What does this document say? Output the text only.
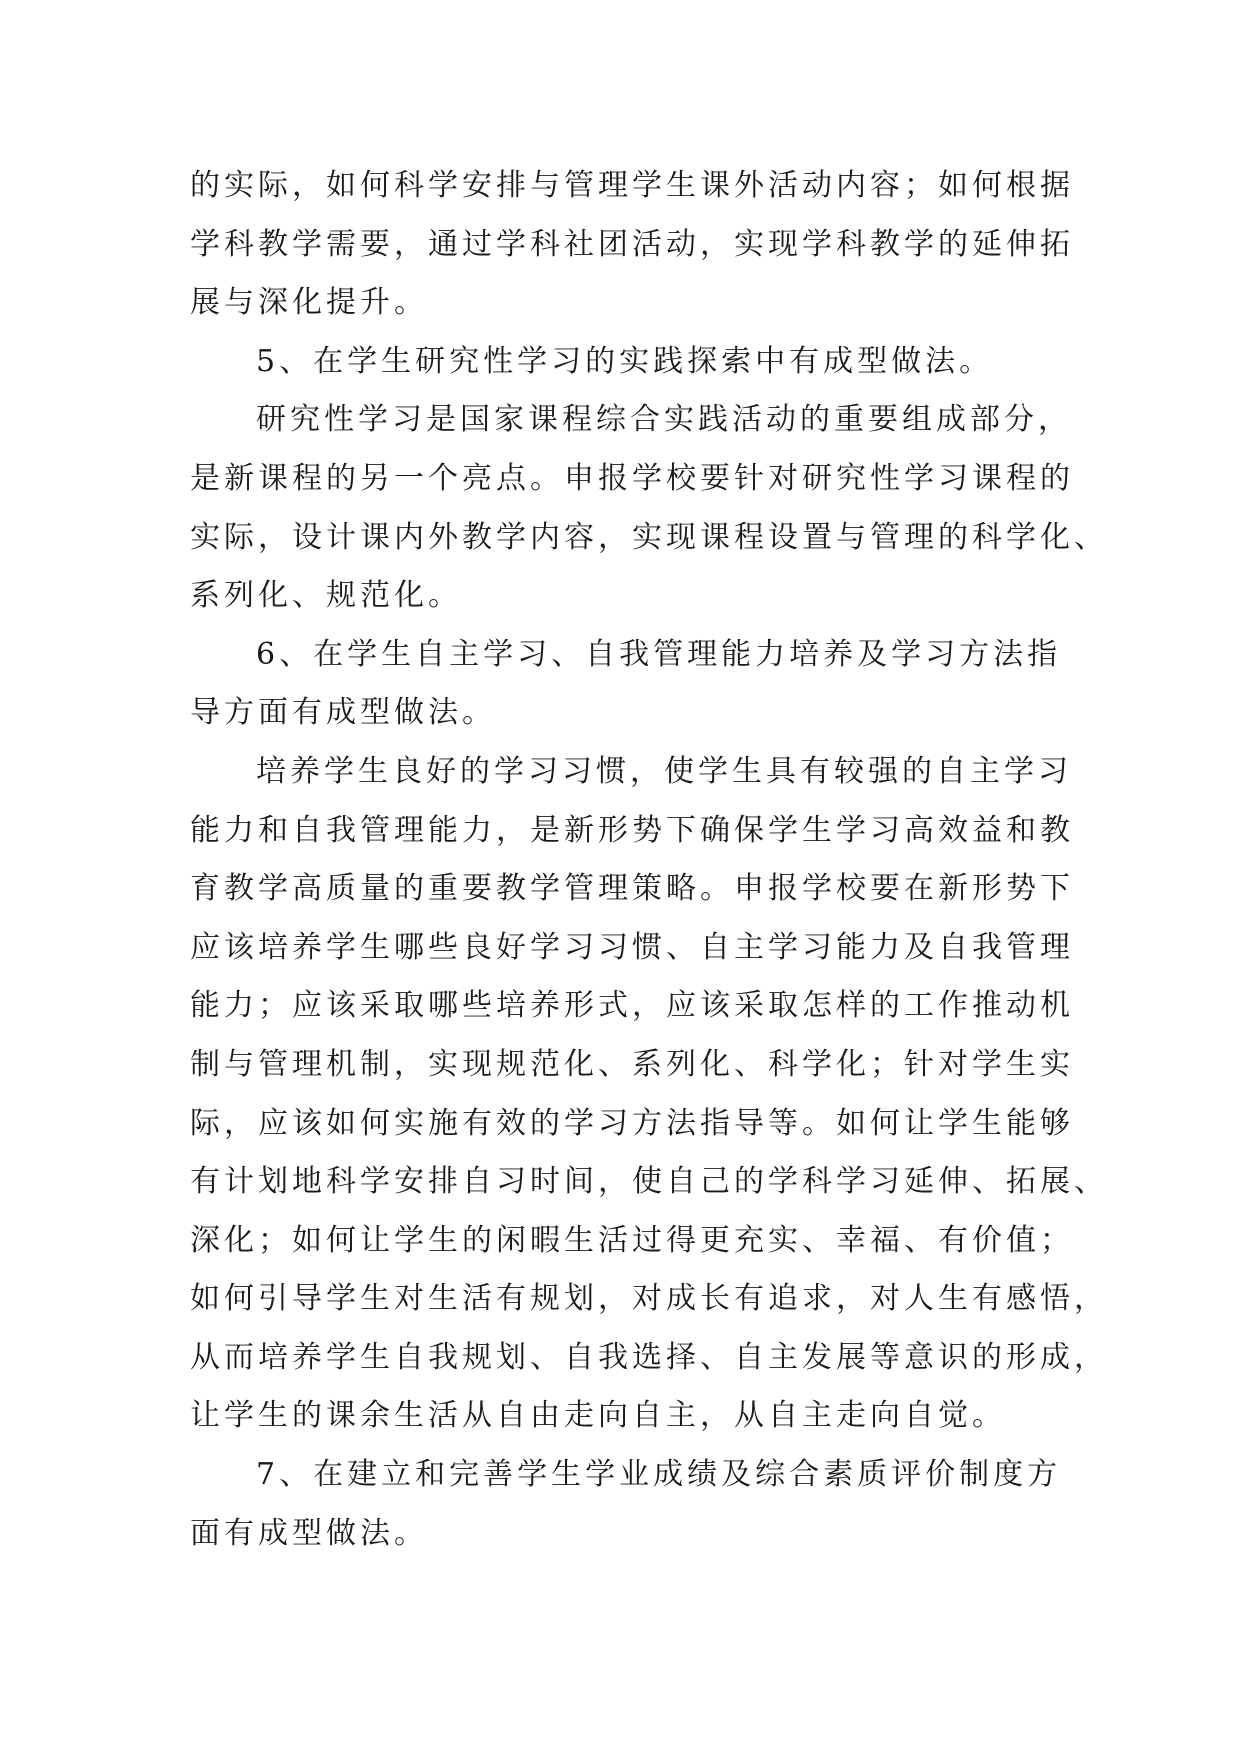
的实际，如何科学安排与管理学生课外活动内容；如何根据
学科教学需要，通过学科社团活动，实现学科教学的延伸拓
展与深化提升。

5、在学生研究性学习的实践探索中有成型做法。

研究性学习是国家课程综合实践活动的重要组成部分，
是新课程的另一个亮点。申报学校要针对研究性学习课程的
实际，设计课内外教学内容，实现课程设置与管理的科学化、
系列化、规范化。

6、在学生自主学习、自我管理能力培养及学习方法指
导方面有成型做法。

培养学生良好的学习习惯，使学生具有较强的自主学习
能力和自我管理能力，是新形势下确保学生学习高效益和教
育教学高质量的重要教学管理策略。申报学校要在新形势下
应该培养学生哪些良好学习习惯、自主学习能力及自我管理
能力；应该采取哪些培养形式，应该采取怎样的工作推动机
制与管理机制，实现规范化、系列化、科学化；针对学生实
际，应该如何实施有效的学习方法指导等。如何让学生能够
有计划地科学安排自习时间，使自己的学科学习延伸、拓展、
深化；如何让学生的闲暇生活过得更充实、幸福、有价值；
如何引导学生对生活有规划，对成长有追求，对人生有感悟，
从而培养学生自我规划、自我选择、自主发展等意识的形成，
让学生的课余生活从自由走向自主，从自主走向自觉。

7、在建立和完善学生学业成绩及综合素质评价制度方
面有成型做法。
